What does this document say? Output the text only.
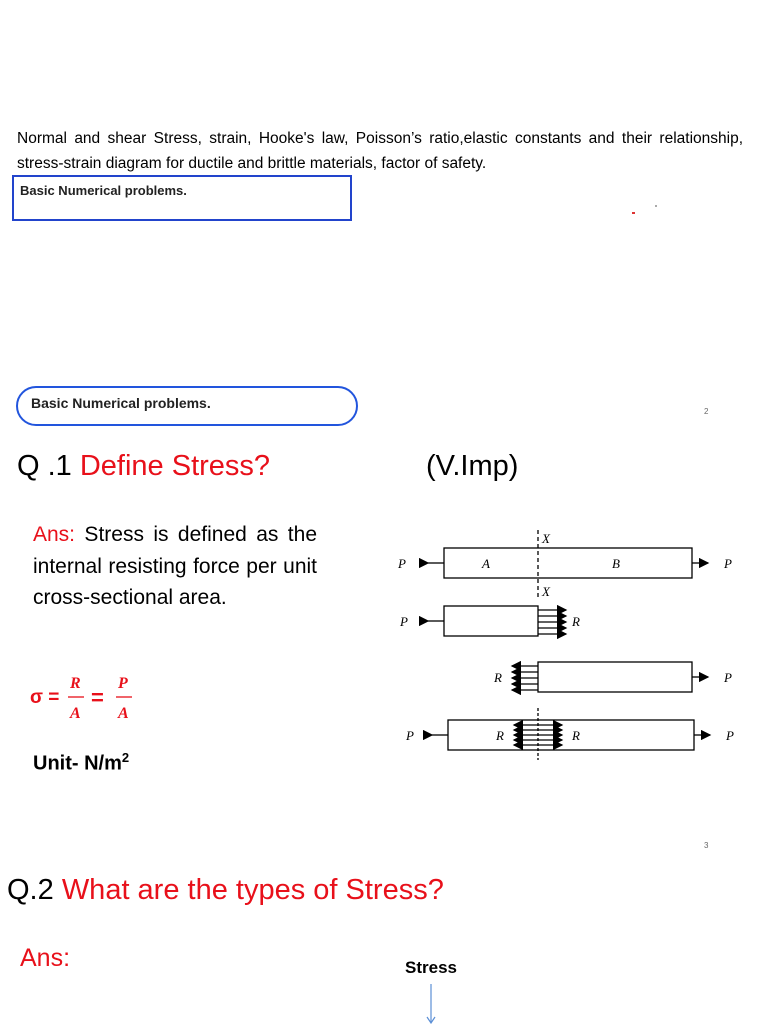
Normal and shear Stress, strain, Hooke's law, Poisson’s ratio,elastic constants and their relationship, stress-strain diagram for ductile and brittle materials, factor of safety.
Basic Numerical problems.
Basic Numerical problems.
2
Q .1 Define Stress?	(V.Imp)
Ans: Stress is defined as the internal resisting force per unit cross-sectional area.
σ =
R
A
=
P
A
Unit- $N/m^2$
P	A	B	P
X
X
P	R
R	P
P	R	R	P
3
Q.2 What are the types of Stress?
Ans:	Stress
